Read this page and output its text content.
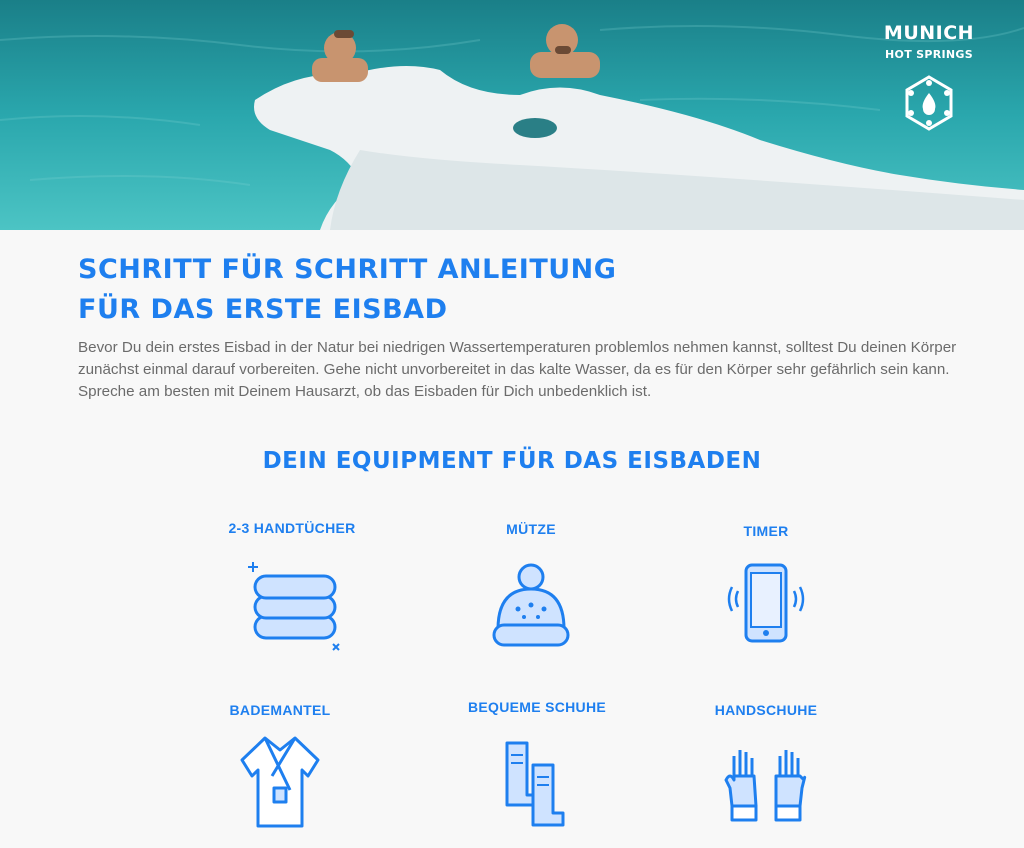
MUNICH
HOT SPRINGS
SCHRITT FÜR SCHRITT ANLEITUNG
FÜR DAS ERSTE EISBAD

Bevor Du dein erstes Eisbad in der Natur bei niedrigen Wassertemperaturen problemlos nehmen kannst, solltest Du deinen Körper zunächst einmal darauf vorbereiten. Gehe nicht unvorbereitet in das kalte Wasser, da es für den Körper sehr gefährlich sein kann. Spreche am besten mit Deinem Hausarzt, ob das Eisbaden für Dich unbedenklich ist.

DEIN EQUIPMENT FÜR DAS EISBADEN
2-3 HANDTÜCHER	MÜTZE	TIMER
BADEMANTEL	BEQUEME SCHUHE	HANDSCHUHE
